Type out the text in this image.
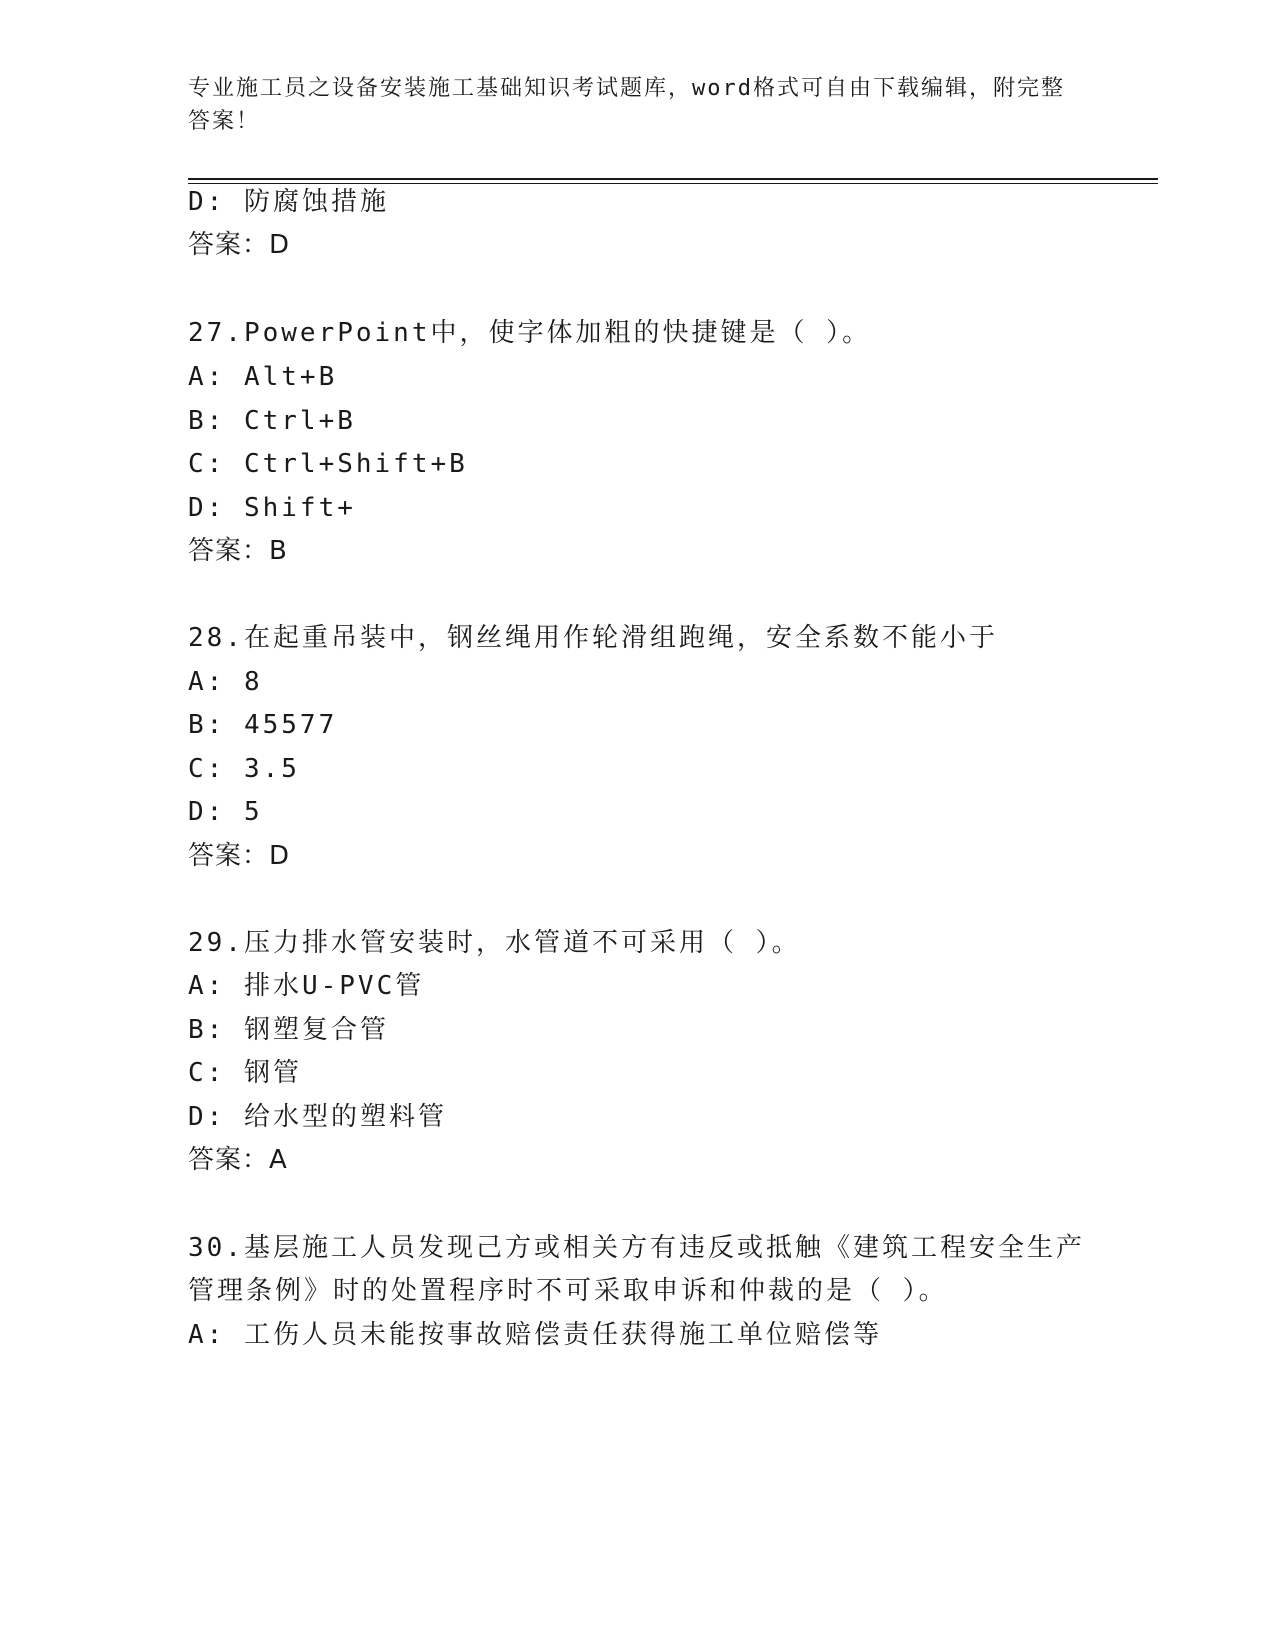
专业施工员之设备安装施工基础知识考试题库，word格式可自由下载编辑，附完整答案！
D: 防腐蚀措施
答案：D
27.PowerPoint中，使字体加粗的快捷键是（ ）。
A: Alt+B
B: Ctrl+B
C: Ctrl+Shift+B
D: Shift+
答案：B
28.在起重吊装中，钢丝绳用作轮滑组跑绳，安全系数不能小于
A: 8
B: 45577
C: 3.5
D: 5
答案：D
29.压力排水管安装时，水管道不可采用（ ）。
A: 排水U-PVC管
B: 钢塑复合管
C: 钢管
D: 给水型的塑料管
答案：A
30.基层施工人员发现己方或相关方有违反或抵触《建筑工程安全生产
管理条例》时的处置程序时不可采取申诉和仲裁的是（ ）。
A: 工伤人员未能按事故赔偿责任获得施工单位赔偿等
